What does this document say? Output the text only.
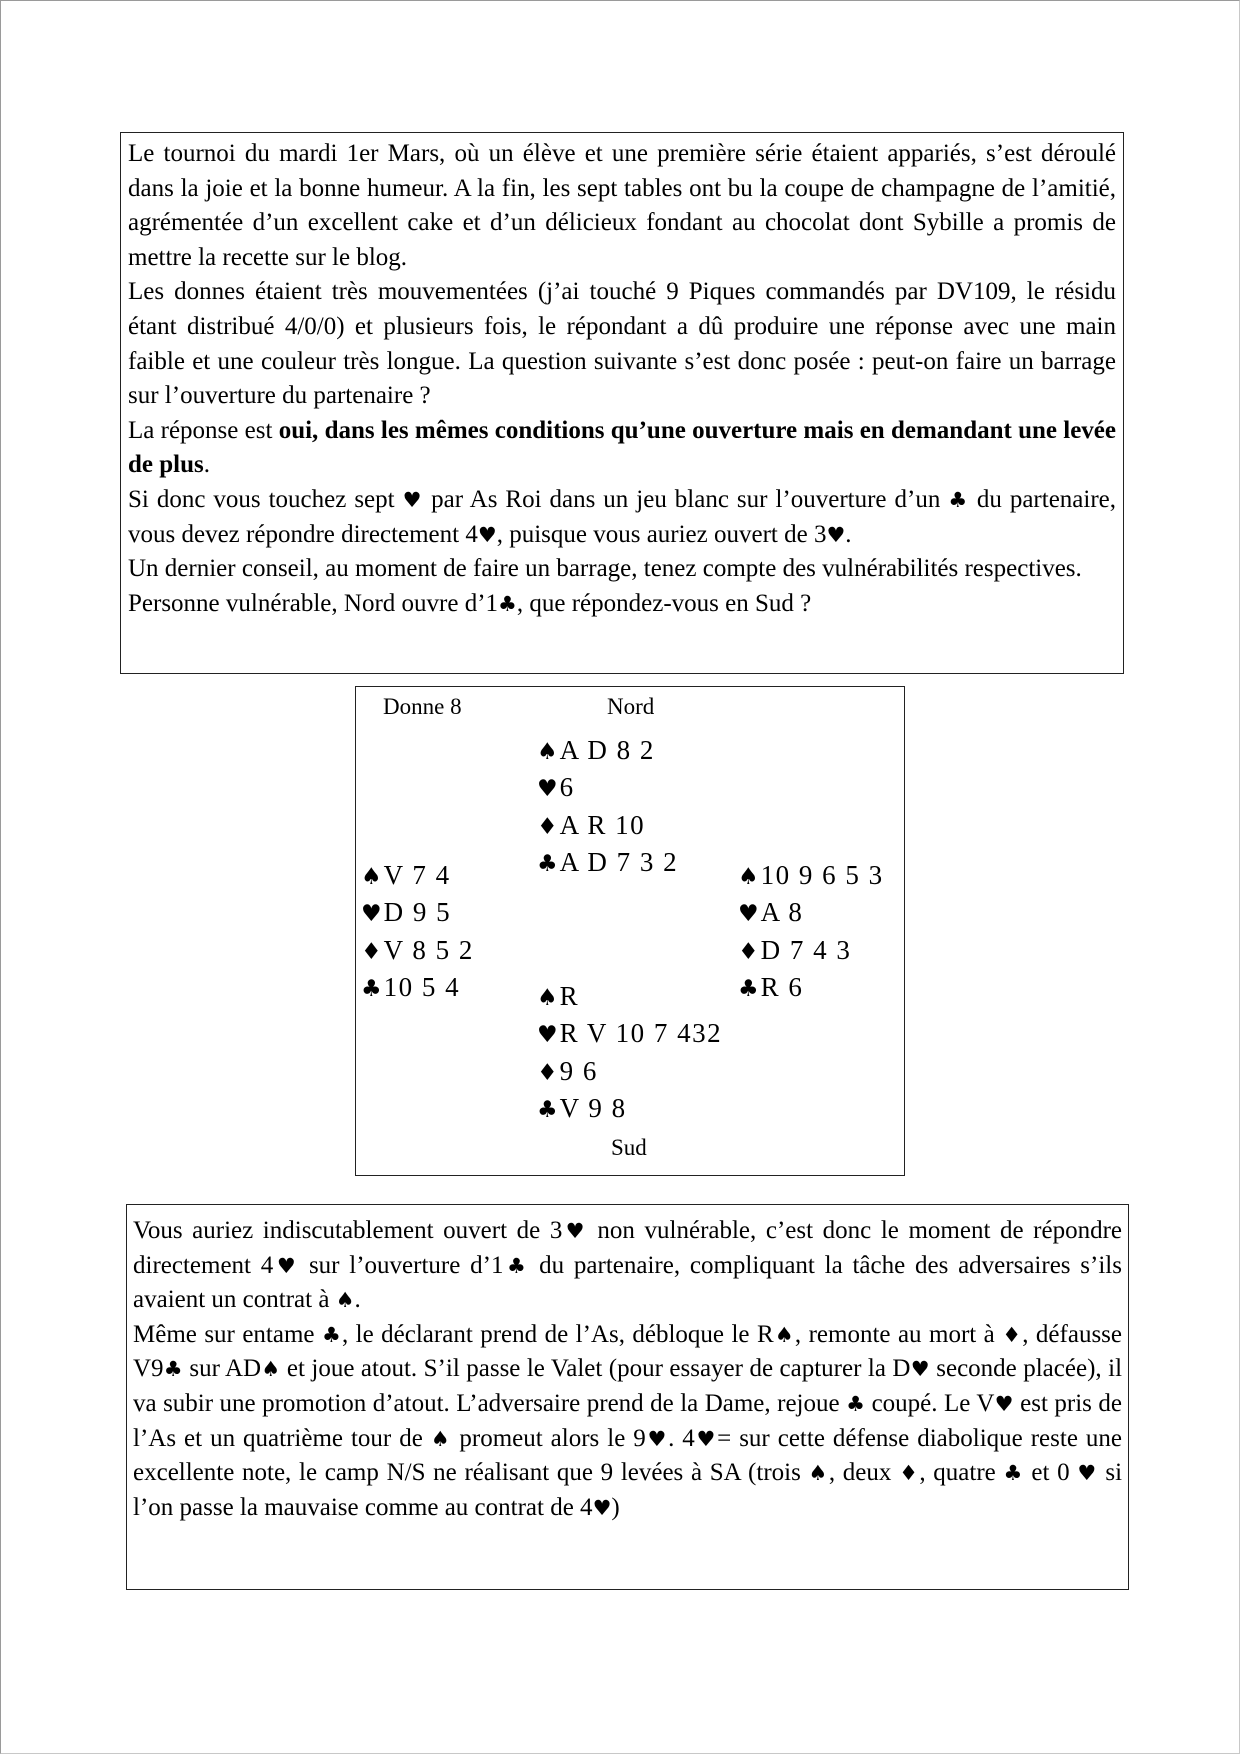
Le tournoi du mardi 1er Mars, où un élève et une première série étaient appariés, s’est déroulé dans la joie et la bonne humeur. A la fin, les sept tables ont bu la coupe de champagne de l’amitié, agrémentée d’un excellent cake et d’un délicieux fondant au chocolat dont Sybille a promis de mettre la recette sur le blog.

Les donnes étaient très mouvementées (j’ai touché 9 Piques commandés par DV109, le résidu étant distribué 4/0/0) et plusieurs fois, le répondant a dû produire une réponse avec une main faible et une couleur très longue. La question suivante s’est donc posée : peut-on faire un barrage sur l’ouverture du partenaire ?

La réponse est oui, dans les mêmes conditions qu’une ouverture mais en demandant une levée de plus.

Si donc vous touchez sept ♥ par As Roi dans un jeu blanc sur l’ouverture d’un ♣ du partenaire, vous devez répondre directement 4♥, puisque vous auriez ouvert de 3♥.

Un dernier conseil, au moment de faire un barrage, tenez compte des vulnérabilités respectives.

Personne vulnérable, Nord ouvre d’1♣, que répondez-vous en Sud ?

Donne 8	Nord
♠A D 8 2
♥6
♦A R 10
♣A D 7 3 2
♠V 7 4
♥D 9 5
♦V 8 5 2
♣10 5 4
♠10 9 6 5 3
♥A 8
♦D 7 4 3
♣R 6
♠R
♥R V 10 7 432
♦9 6
♣V 9 8
Sud

Vous auriez indiscutablement ouvert de 3♥ non vulnérable, c’est donc le moment de répondre directement 4♥ sur l’ouverture d’1♣ du partenaire, compliquant la tâche des adversaires s’ils avaient un contrat à ♠.

Même sur entame ♣, le déclarant prend de l’As, débloque le R♠, remonte au mort à ♦, défausse V9♣ sur AD♠ et joue atout. S’il passe le Valet (pour essayer de capturer la D♥ seconde placée), il va subir une promotion d’atout. L’adversaire prend de la Dame, rejoue ♣ coupé. Le V♥ est pris de l’As et un quatrième tour de ♠ promeut alors le 9♥. 4♥= sur cette défense diabolique reste une excellente note, le camp N/S ne réalisant que 9 levées à SA (trois ♠, deux ♦, quatre ♣ et 0 ♥ si l’on passe la mauvaise comme au contrat de 4♥)
